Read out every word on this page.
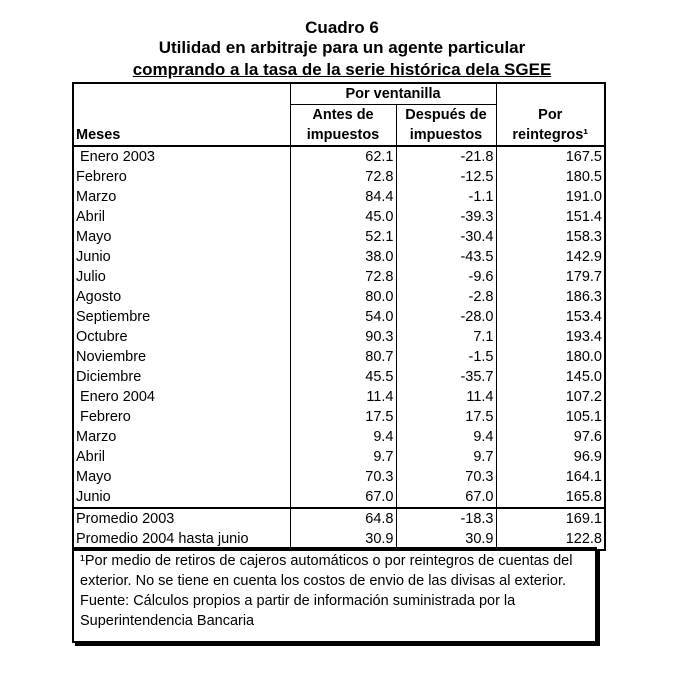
Cuadro 6

Utilidad en arbitraje para un agente particular

comprando a la tasa de la serie histórica dela SGEE

	Por ventanilla		
	Antes de	Después de	Por
Meses	impuestos	impuestos	reintegros¹
Enero 2003	62.1	-21.8	167.5
Febrero	72.8	-12.5	180.5
Marzo	84.4	-1.1	191.0
Abril	45.0	-39.3	151.4
Mayo	52.1	-30.4	158.3
Junio	38.0	-43.5	142.9
Julio	72.8	-9.6	179.7
Agosto	80.0	-2.8	186.3
Septiembre	54.0	-28.0	153.4
Octubre	90.3	7.1	193.4
Noviembre	80.7	-1.5	180.0
Diciembre	45.5	-35.7	145.0
Enero 2004	11.4	11.4	107.2
Febrero	17.5	17.5	105.1
Marzo	9.4	9.4	97.6
Abril	9.7	9.7	96.9
Mayo	70.3	70.3	164.1
Junio	67.0	67.0	165.8
Promedio 2003	64.8	-18.3	169.1
Promedio 2004 hasta junio	30.9	30.9	122.8

¹Por medio de retiros de cajeros automáticos o por reintegros de cuentas del exterior. No se tiene en cuenta los costos de envio de las divisas al exterior.

Fuente: Cálculos propios a partir de información suministrada por la Superintendencia Bancaria
